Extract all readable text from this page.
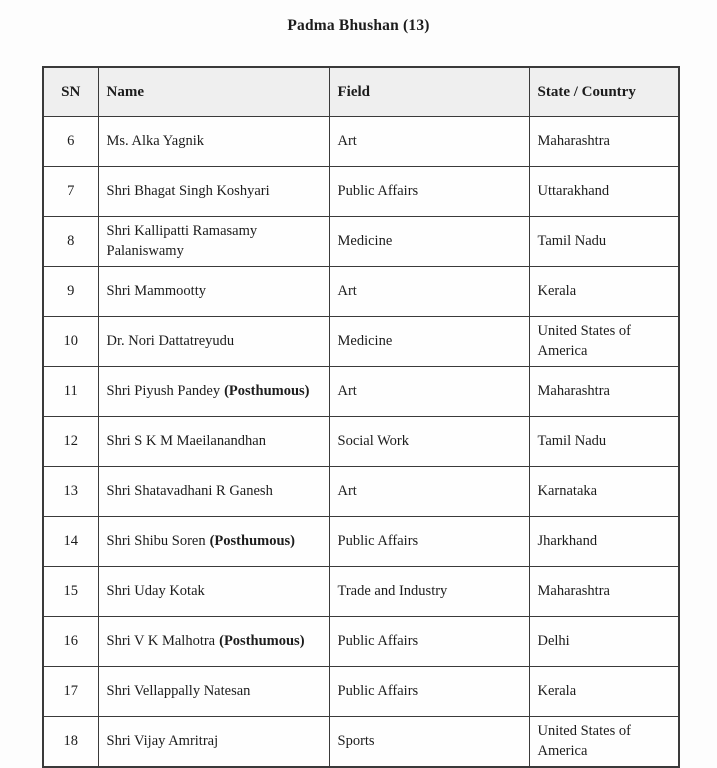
Padma Bhushan (13)
SN	Name	Field	State / Country
6	Ms. Alka Yagnik	Art	Maharashtra
7	Shri Bhagat Singh Koshyari	Public Affairs	Uttarakhand
8	Shri Kallipatti Ramasamy Palaniswamy	Medicine	Tamil Nadu
9	Shri Mammootty	Art	Kerala
10	Dr. Nori Dattatreyudu	Medicine	United States of America
11	Shri Piyush Pandey (Posthumous)	Art	Maharashtra
12	Shri S K M Maeilanandhan	Social Work	Tamil Nadu
13	Shri Shatavadhani R Ganesh	Art	Karnataka
14	Shri Shibu Soren (Posthumous)	Public Affairs	Jharkhand
15	Shri Uday Kotak	Trade and Industry	Maharashtra
16	Shri V K Malhotra (Posthumous)	Public Affairs	Delhi
17	Shri Vellappally Natesan	Public Affairs	Kerala
18	Shri Vijay Amritraj	Sports	United States of America
